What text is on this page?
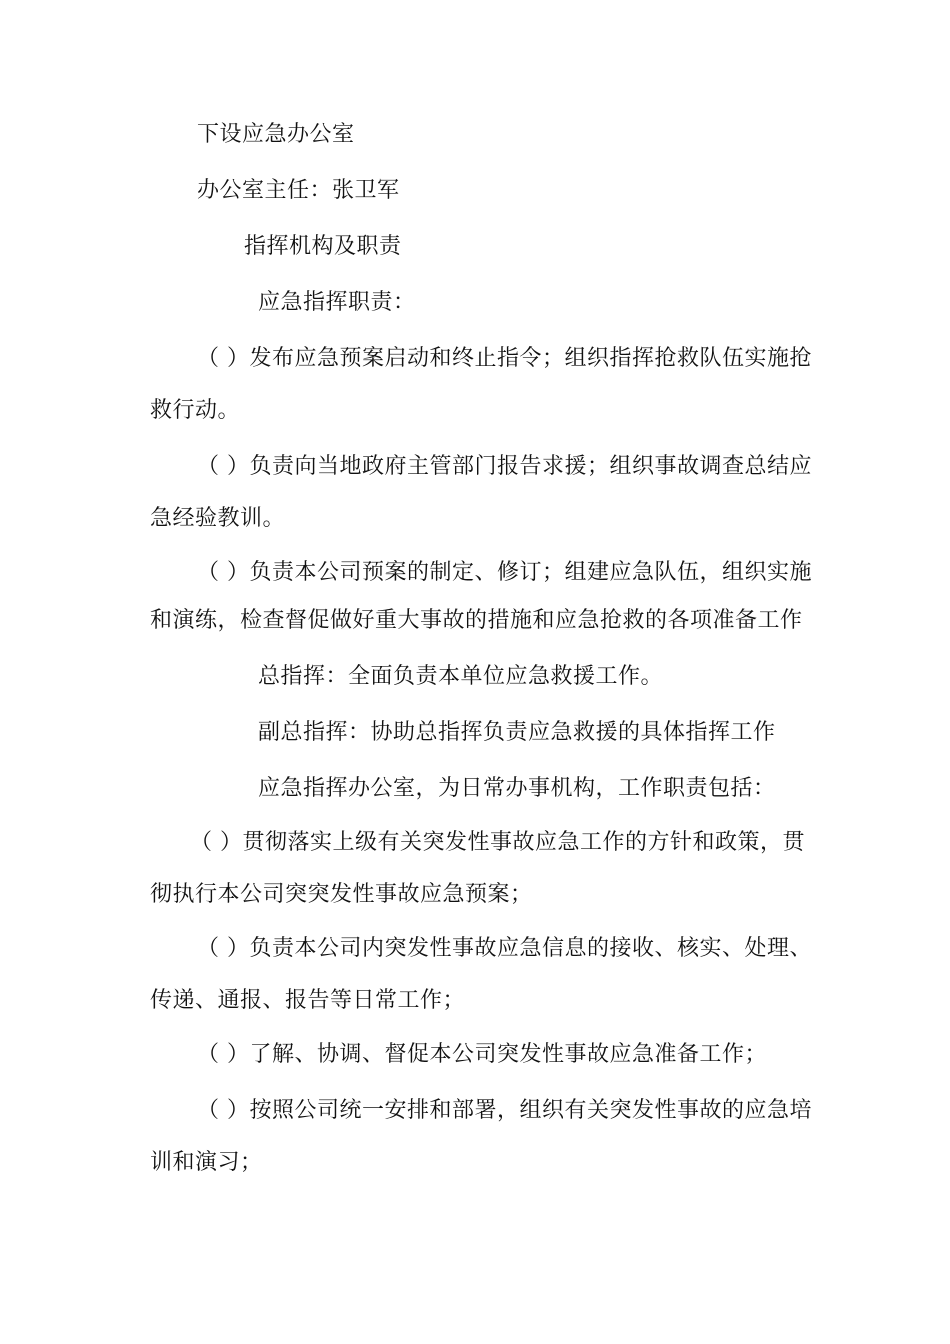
下设应急办公室
办公室主任：张卫军
指挥机构及职责
应急指挥职责：
（ ）发布应急预案启动和终止指令；组织指挥抢救队伍实施抢
救行动。
（ ）负责向当地政府主管部门报告求援；组织事故调查总结应
急经验教训。
（ ）负责本公司预案的制定、修订；组建应急队伍，组织实施
和演练，检查督促做好重大事故的措施和应急抢救的各项准备工作
总指挥：全面负责本单位应急救援工作。
副总指挥：协助总指挥负责应急救援的具体指挥工作
应急指挥办公室，为日常办事机构，工作职责包括：
（ ）贯彻落实上级有关突发性事故应急工作的方针和政策，贯
彻执行本公司突突发性事故应急预案；
（ ）负责本公司内突发性事故应急信息的接收、核实、处理、
传递、通报、报告等日常工作；
（ ）了解、协调、督促本公司突发性事故应急准备工作；
（ ）按照公司统一安排和部署，组织有关突发性事故的应急培
训和演习；
